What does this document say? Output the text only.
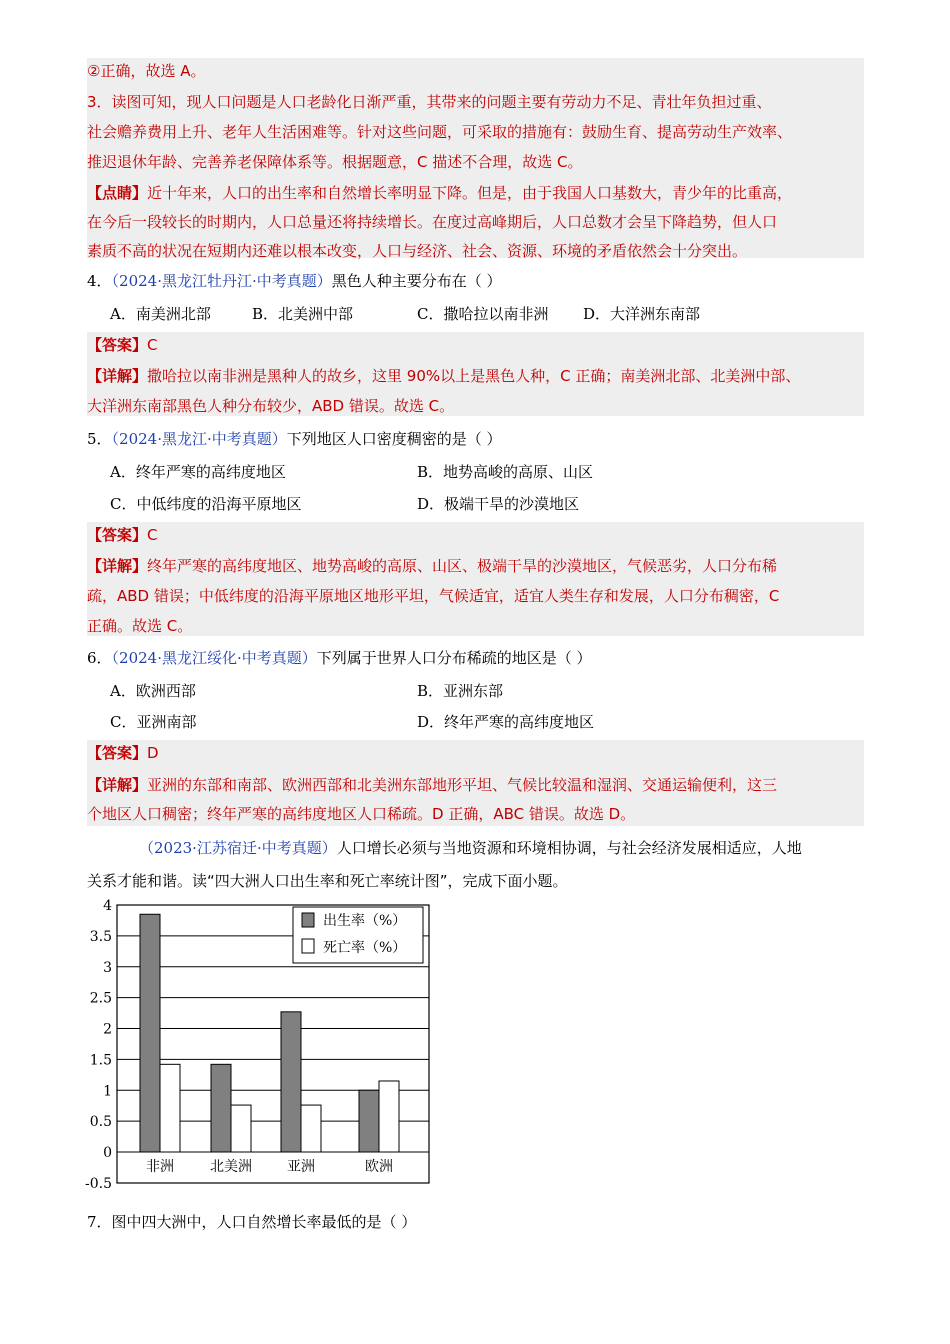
②正确，故选 A。
3．读图可知，现人口问题是人口老龄化日渐严重，其带来的问题主要有劳动力不足、青壮年负担过重、
社会赡养费用上升、老年人生活困难等。针对这些问题，可采取的措施有：鼓励生育、提高劳动生产效率、
推迟退休年龄、完善养老保障体系等。根据题意，C 描述不合理，故选 C。
【点睛】近十年来，人口的出生率和自然增长率明显下降。但是，由于我国人口基数大，青少年的比重高，
在今后一段较长的时期内，人口总量还将持续增长。在度过高峰期后，人口总数才会呈下降趋势，但人口
素质不高的状况在短期内还难以根本改变，人口与经济、社会、资源、环境的矛盾依然会十分突出。
4．（2024·黑龙江牡丹江·中考真题）黑色人种主要分布在（ ）
A．南美洲北部	B．北美洲中部	C．撒哈拉以南非洲 D．大洋洲东南部
【答案】C
【详解】撒哈拉以南非洲是黑种人的故乡，这里 90%以上是黑色人种，C 正确；南美洲北部、北美洲中部、
大洋洲东南部黑色人种分布较少，ABD 错误。故选 C。
5．（2024·黑龙江·中考真题）下列地区人口密度稠密的是（ ）
A．终年严寒的高纬度地区	B．地势高峻的高原、山区
C．中低纬度的沿海平原地区	D．极端干旱的沙漠地区
【答案】C
【详解】终年严寒的高纬度地区、地势高峻的高原、山区、极端干旱的沙漠地区，气候恶劣，人口分布稀
疏，ABD 错误；中低纬度的沿海平原地区地形平坦，气候适宜，适宜人类生存和发展，人口分布稠密，C
正确。故选 C。
6．（2024·黑龙江绥化·中考真题）下列属于世界人口分布稀疏的地区是（ ）
A．欧洲西部	B．亚洲东部
C．亚洲南部	D．终年严寒的高纬度地区
【答案】D
【详解】亚洲的东部和南部、欧洲西部和北美洲东部地形平坦、气候比较温和湿润、交通运输便利，这三
个地区人口稠密；终年严寒的高纬度地区人口稀疏。D 正确，ABC 错误。故选 D。
（2023·江苏宿迁·中考真题）人口增长必须与当地资源和环境相协调，与社会经济发展相适应，人地
关系才能和谐。读“四大洲人口出生率和死亡率统计图”，完成下面小题。
7．图中四大洲中，人口自然增长率最低的是（ ）
4
3.5
3
2.5
2
1.5
1
0.5
0
-0.5
非洲	北美洲	亚洲	欧洲
出生率（%）
死亡率（%）
